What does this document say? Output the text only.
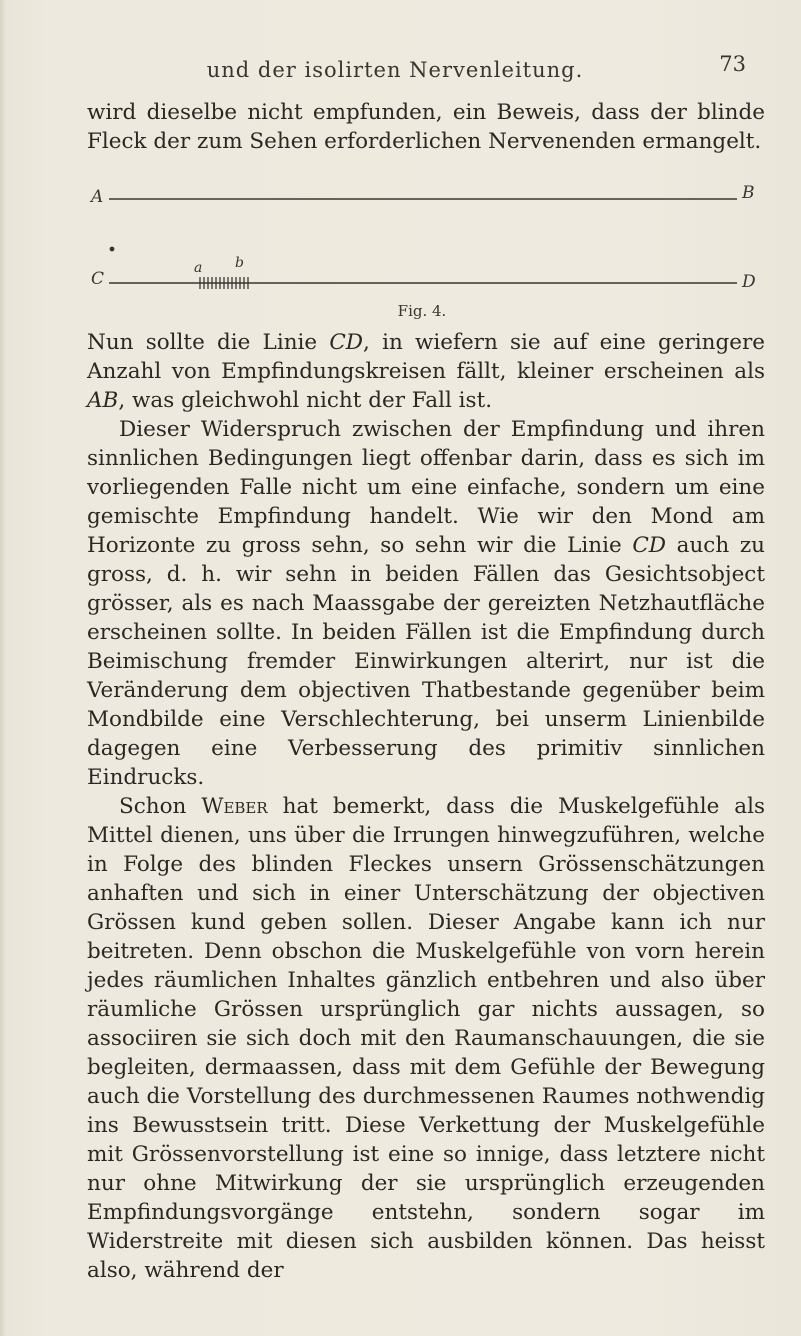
und der isolirten Nervenleitung.	73

wird dieselbe nicht empfunden, ein Beweis, dass der blinde Fleck der zum Sehen erforderlichen Nervenenden ermangelt.

A	B
C	D
a b
Fig. 4.

Nun sollte die Linie CD, in wiefern sie auf eine geringere Anzahl von Empfindungskreisen fällt, kleiner erscheinen als AB, was gleichwohl nicht der Fall ist.

Dieser Widerspruch zwischen der Empfindung und ihren sinnlichen Bedingungen liegt offenbar darin, dass es sich im vorliegenden Falle nicht um eine einfache, sondern um eine gemischte Empfindung handelt. Wie wir den Mond am Horizonte zu gross sehn, so sehn wir die Linie CD auch zu gross, d. h. wir sehn in beiden Fällen das Gesichtsobject grösser, als es nach Maassgabe der gereizten Netzhautfläche erscheinen sollte. In beiden Fällen ist die Empfindung durch Beimischung fremder Einwirkungen alterirt, nur ist die Veränderung dem objectiven Thatbestande gegenüber beim Mondbilde eine Verschlechterung, bei unserm Linienbilde dagegen eine Verbesserung des primitiv sinnlichen Eindrucks.

Schon Weber hat bemerkt, dass die Muskelgefühle als Mittel dienen, uns über die Irrungen hinwegzuführen, welche in Folge des blinden Fleckes unsern Grössenschätzungen anhaften und sich in einer Unterschätzung der objectiven Grössen kund geben sollen. Dieser Angabe kann ich nur beitreten. Denn obschon die Muskelgefühle von vorn herein jedes räumlichen Inhaltes gänzlich entbehren und also über räumliche Grössen ursprünglich gar nichts aussagen, so associiren sie sich doch mit den Raumanschauungen, die sie begleiten, dermaassen, dass mit dem Gefühle der Bewegung auch die Vorstellung des durchmessenen Raumes nothwendig ins Bewusstsein tritt. Diese Verkettung der Muskelgefühle mit Grössenvorstellung ist eine so innige, dass letztere nicht nur ohne Mitwirkung der sie ursprünglich erzeugenden Empfindungsvorgänge entstehn, sondern sogar im Widerstreite mit diesen sich ausbilden können. Das heisst also, während der
